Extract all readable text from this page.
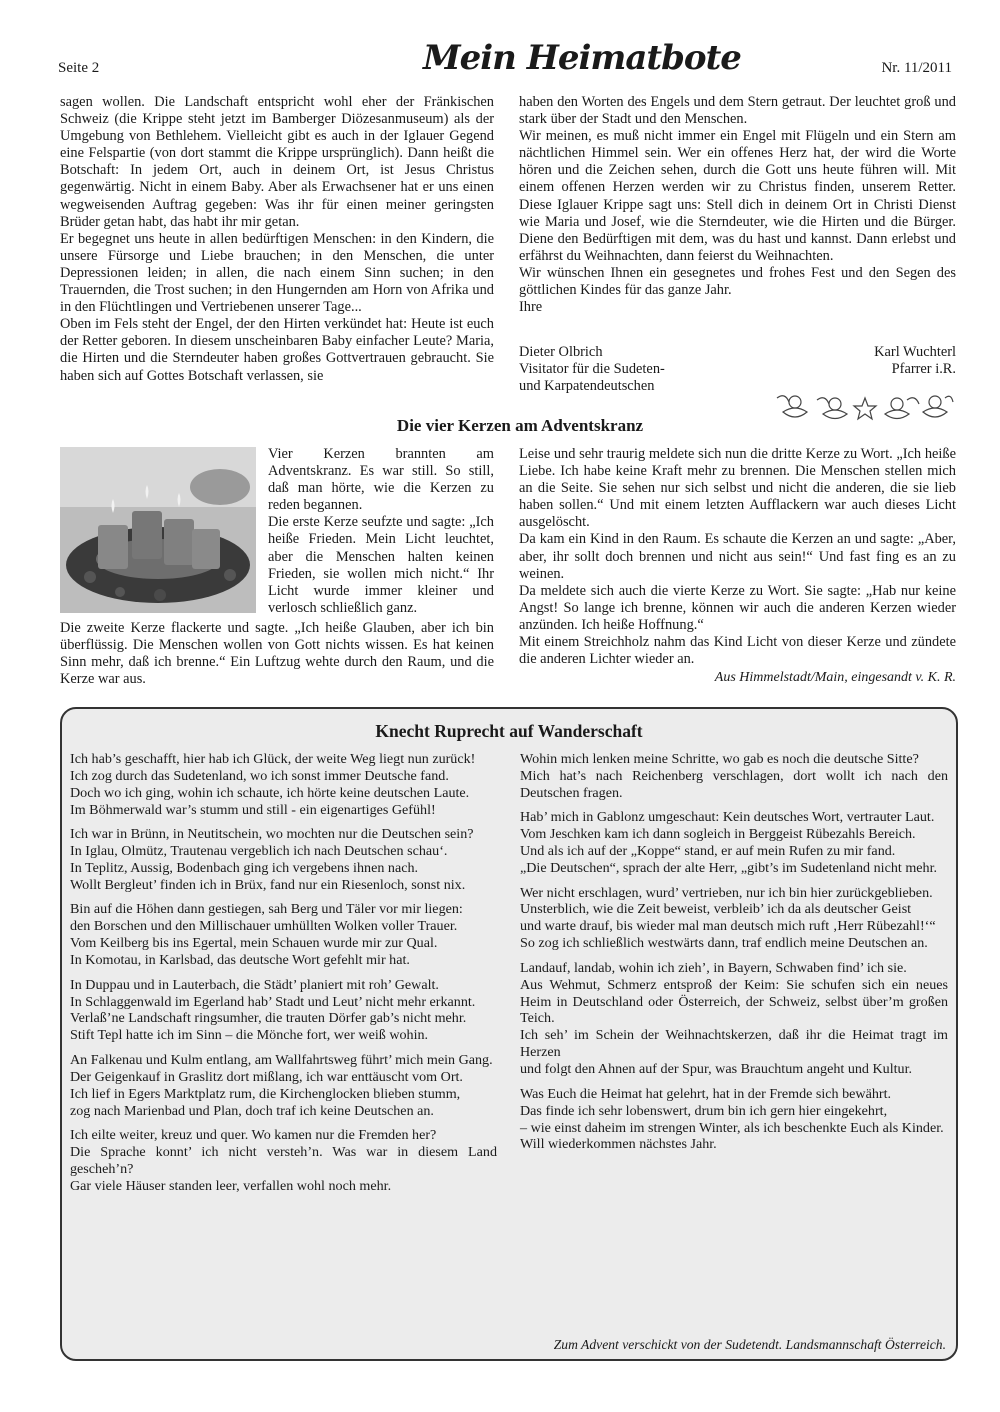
Seite 2	Mein Heimatbote	Nr. 11/2011

sagen wollen. Die Landschaft entspricht wohl eher der Fränkischen Schweiz (die Krippe steht jetzt im Bamberger Diözesanmuseum) als der Umgebung von Bethlehem. Vielleicht gibt es auch in der Iglauer Gegend eine Felspartie (von dort stammt die Krippe ursprünglich). Dann heißt die Botschaft: In jedem Ort, auch in deinem Ort, ist Jesus Christus gegenwärtig. Nicht in einem Baby. Aber als Erwachsener hat er uns einen wegweisenden Auftrag gegeben: Was ihr für einen meiner geringsten Brüder getan habt, das habt ihr mir getan.

Er begegnet uns heute in allen bedürftigen Menschen: in den Kindern, die unsere Fürsorge und Liebe brauchen; in den Menschen, die unter Depressionen leiden; in allen, die nach einem Sinn suchen; in den Trauernden, die Trost suchen; in den Hungernden am Horn von Afrika und in den Flüchtlingen und Vertriebenen unserer Tage...

Oben im Fels steht der Engel, der den Hirten verkündet hat: Heute ist euch der Retter geboren. In diesem unscheinbaren Baby einfacher Leute? Maria, die Hirten und die Sterndeuter haben großes Gottvertrauen gebraucht. Sie haben sich auf Gottes Botschaft verlassen, sie

haben den Worten des Engels und dem Stern getraut. Der leuchtet groß und stark über der Stadt und den Menschen.

Wir meinen, es muß nicht immer ein Engel mit Flügeln und ein Stern am nächtlichen Himmel sein. Wer ein offenes Herz hat, der wird die Worte hören und die Zeichen sehen, durch die Gott uns heute führen will. Mit einem offenen Herzen werden wir zu Christus finden, unserem Retter. Diese Iglauer Krippe sagt uns: Stell dich in deinem Ort in Christi Dienst wie Maria und Josef, wie die Sterndeuter, wie die Hirten und die Bürger. Diene den Bedürftigen mit dem, was du hast und kannst. Dann erlebst und erfährst du Weihnachten, dann feierst du Weihnachten.

Wir wünschen Ihnen ein gesegnetes und frohes Fest und den Segen des göttlichen Kindes für das ganze Jahr.

Ihre

Dieter Olbrich
Visitator für die Sudeten-
und Karpatendeutschen
Karl Wuchterl
Pfarrer i.R.
Die vier Kerzen am Adventskranz

Vier Kerzen brannten am Adventskranz. Es war still. So still, daß man hörte, wie die Kerzen zu reden begannen.

Die erste Kerze seufzte und sagte: „Ich heiße Frieden. Mein Licht leuchtet, aber die Menschen halten keinen Frieden, sie wollen mich nicht.“ Ihr Licht wurde immer kleiner und verlosch schließlich ganz.

Die zweite Kerze flackerte und sagte. „Ich heiße Glauben, aber ich bin überflüssig. Die Menschen wollen von Gott nichts wissen. Es hat keinen Sinn mehr, daß ich brenne.“ Ein Luftzug wehte durch den Raum, und die Kerze war aus.

Leise und sehr traurig meldete sich nun die dritte Kerze zu Wort. „Ich heiße Liebe. Ich habe keine Kraft mehr zu brennen. Die Menschen stellen mich an die Seite. Sie sehen nur sich selbst und nicht die anderen, die sie lieb haben sollen.“ Und mit einem letzten Aufflackern war auch dieses Licht ausgelöscht.

Da kam ein Kind in den Raum. Es schaute die Kerzen an und sagte: „Aber, aber, ihr sollt doch brennen und nicht aus sein!“ Und fast fing es an zu weinen.

Da meldete sich auch die vierte Kerze zu Wort. Sie sagte: „Hab nur keine Angst! So lange ich brenne, können wir auch die anderen Kerzen wieder anzünden. Ich heiße Hoffnung.“

Mit einem Streichholz nahm das Kind Licht von dieser Kerze und zündete die anderen Lichter wieder an.

Aus Himmelstadt/Main, eingesandt v. K. R.
Knecht Ruprecht auf Wanderschaft

Ich hab’s geschafft, hier hab ich Glück, der weite Weg liegt nun zurück!
Ich zog durch das Sudetenland, wo ich sonst immer Deutsche fand.
Doch wo ich ging, wohin ich schaute, ich hörte keine deutschen Laute.
Im Böhmerwald war’s stumm und still - ein eigenartiges Gefühl!

Ich war in Brünn, in Neutitschein, wo mochten nur die Deutschen sein?
In Iglau, Olmütz, Trautenau vergeblich ich nach Deutschen schau‘.
In Teplitz, Aussig, Bodenbach ging ich vergebens ihnen nach.
Wollt Bergleut’ finden ich in Brüx, fand nur ein Riesenloch, sonst nix.

Bin auf die Höhen dann gestiegen, sah Berg und Täler vor mir liegen:
den Borschen und den Millischauer umhüllten Wolken voller Trauer.
Vom Keilberg bis ins Egertal, mein Schauen wurde mir zur Qual.
In Komotau, in Karlsbad, das deutsche Wort gefehlt mir hat.

In Duppau und in Lauterbach, die Städt’ planiert mit roh’ Gewalt.
In Schlaggenwald im Egerland hab’ Stadt und Leut’ nicht mehr erkannt.
Verlaß’ne Landschaft ringsumher, die trauten Dörfer gab’s nicht mehr.
Stift Tepl hatte ich im Sinn – die Mönche fort, wer weiß wohin.

An Falkenau und Kulm entlang, am Wallfahrtsweg führt’ mich mein Gang.
Der Geigenkauf in Graslitz dort mißlang, ich war enttäuscht vom Ort.
Ich lief in Egers Marktplatz rum, die Kirchenglocken blieben stumm,
zog nach Marienbad und Plan, doch traf ich keine Deutschen an.

Ich eilte weiter, kreuz und quer. Wo kamen nur die Fremden her?
Die Sprache konnt’ ich nicht versteh’n. Was war in diesem Land gescheh’n?
Gar viele Häuser standen leer, verfallen wohl noch mehr.

Wohin mich lenken meine Schritte, wo gab es noch die deutsche Sitte?
Mich hat’s nach Reichenberg verschlagen, dort wollt ich nach den Deutschen fragen.

Hab’ mich in Gablonz umgeschaut: Kein deutsches Wort, vertrauter Laut.
Vom Jeschken kam ich dann sogleich in Berggeist Rübezahls Bereich.
Und als ich auf der „Koppe“ stand, er auf mein Rufen zu mir fand.
„Die Deutschen“, sprach der alte Herr, „gibt’s im Sudetenland nicht mehr.

Wer nicht erschlagen, wurd’ vertrieben, nur ich bin hier zurückgeblieben.
Unsterblich, wie die Zeit beweist, verbleib’ ich da als deutscher Geist
und warte drauf, bis wieder mal man deutsch mich ruft ‚Herr Rübezahl!‘“
So zog ich schließlich westwärts dann, traf endlich meine Deutschen an.

Landauf, landab, wohin ich zieh’, in Bayern, Schwaben find’ ich sie.
Aus Wehmut, Schmerz entsproß der Keim: Sie schufen sich ein neues Heim in Deutschland oder Österreich, der Schweiz, selbst über’m großen Teich.
Ich seh’ im Schein der Weihnachtskerzen, daß ihr die Heimat tragt im Herzen
und folgt den Ahnen auf der Spur, was Brauchtum angeht und Kultur.

Was Euch die Heimat hat gelehrt, hat in der Fremde sich bewährt.
Das finde ich sehr lobenswert, drum bin ich gern hier eingekehrt,
– wie einst daheim im strengen Winter, als ich beschenkte Euch als Kinder.
Will wiederkommen nächstes Jahr.

Zum Advent verschickt von der Sudetendt. Landsmannschaft Österreich.
